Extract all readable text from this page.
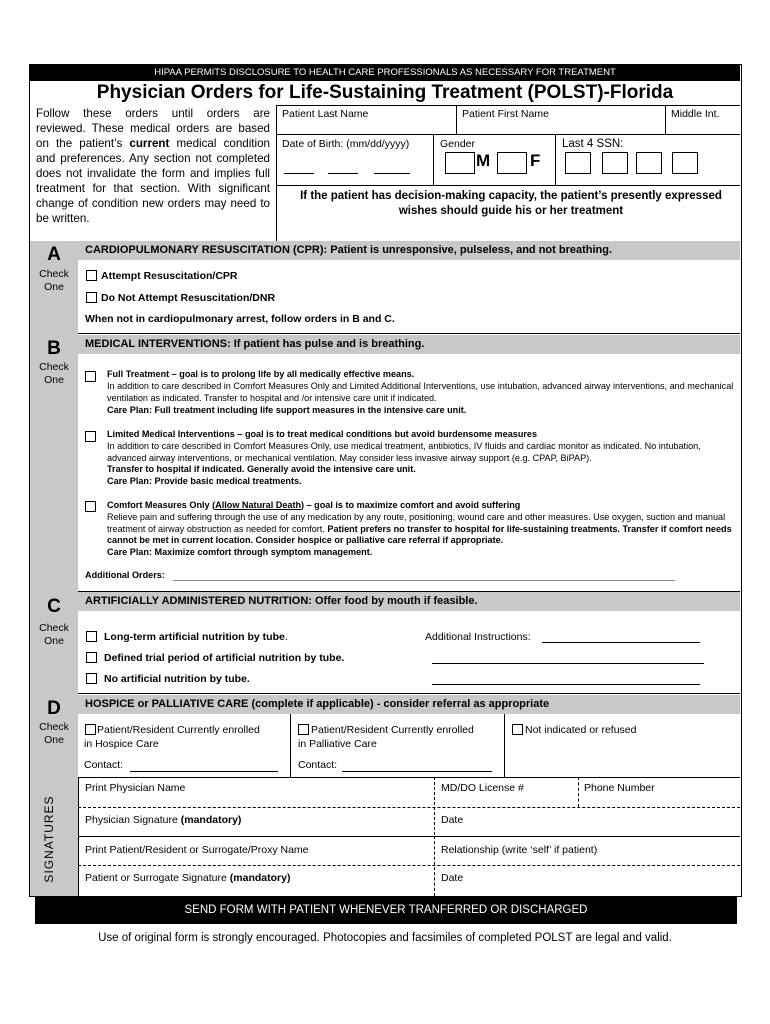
HIPAA PERMITS DISCLOSURE TO HEALTH CARE PROFESSIONALS AS NECESSARY FOR TREATMENT
Physician Orders for Life-Sustaining Treatment (POLST)-Florida
Follow these orders until orders are reviewed. These medical orders are based on the patient’s current medical condition and preferences. Any section not completed does not invalidate the form and implies full treatment for that section. With significant change of condition new orders may need to be written.
Patient Last Name	Patient First Name	Middle Int.
Date of Birth: (mm/dd/yyyy)	Gender
M F
Last 4 SSN:
If the patient has decision-making capacity, the patient’s presently expressed wishes should guide his or her treatment
A
Check One
CARDIOPULMONARY RESUSCITATION (CPR): Patient is unresponsive, pulseless, and not breathing.
Attempt Resuscitation/CPR
Do Not Attempt Resuscitation/DNR
When not in cardiopulmonary arrest, follow orders in B and C.
B
Check One
MEDICAL INTERVENTIONS: If patient has pulse and is breathing.
Full Treatment – goal is to prolong life by all medically effective means.
In addition to care described in Comfort Measures Only and Limited Additional Interventions, use intubation, advanced airway interventions, and mechanical ventilation as indicated. Transfer to hospital and /or intensive care unit if indicated.
Care Plan: Full treatment including life support measures in the intensive care unit.
Limited Medical Interventions – goal is to treat medical conditions but avoid burdensome measures
In addition to care described in Comfort Measures Only, use medical treatment, antibiotics, IV fluids and cardiac monitor as indicated. No intubation, advanced airway interventions, or mechanical ventilation. May consider less invasive airway support (e.g. CPAP, BiPAP).
Transfer to hospital if indicated. Generally avoid the intensive care unit.
Care Plan: Provide basic medical treatments.
Comfort Measures Only (Allow Natural Death) – goal is to maximize comfort and avoid suffering
Relieve pain and suffering through the use of any medication by any route, positioning, wound care and other measures. Use oxygen, suction and manual treatment of airway obstruction as needed for comfort. Patient prefers no transfer to hospital for life-sustaining treatments. Transfer if comfort needs cannot be met in current location. Consider hospice or palliative care referral if appropriate.
Care Plan: Maximize comfort through symptom management.
Additional Orders:
C
Check One
ARTIFICIALLY ADMINISTERED NUTRITION: Offer food by mouth if feasible.
Long-term artificial nutrition by tube.
Defined trial period of artificial nutrition by tube.
No artificial nutrition by tube.
Additional Instructions:
D
Check One
HOSPICE or PALLIATIVE CARE (complete if applicable) - consider referral as appropriate
Patient/Resident Currently enrolled
in Hospice Care
Contact:
Patient/Resident Currently enrolled
in Palliative Care
Contact:
Not indicated or refused
SIGNATURES
Print Physician Name	MD/DO License #	Phone Number
Physician Signature (mandatory)	Date
Print Patient/Resident or Surrogate/Proxy Name	Relationship (write ‘self’ if patient)
Patient or Surrogate Signature (mandatory)	Date
SEND FORM WITH PATIENT WHENEVER TRANFERRED OR DISCHARGED
Use of original form is strongly encouraged. Photocopies and facsimiles of completed POLST are legal and valid.
